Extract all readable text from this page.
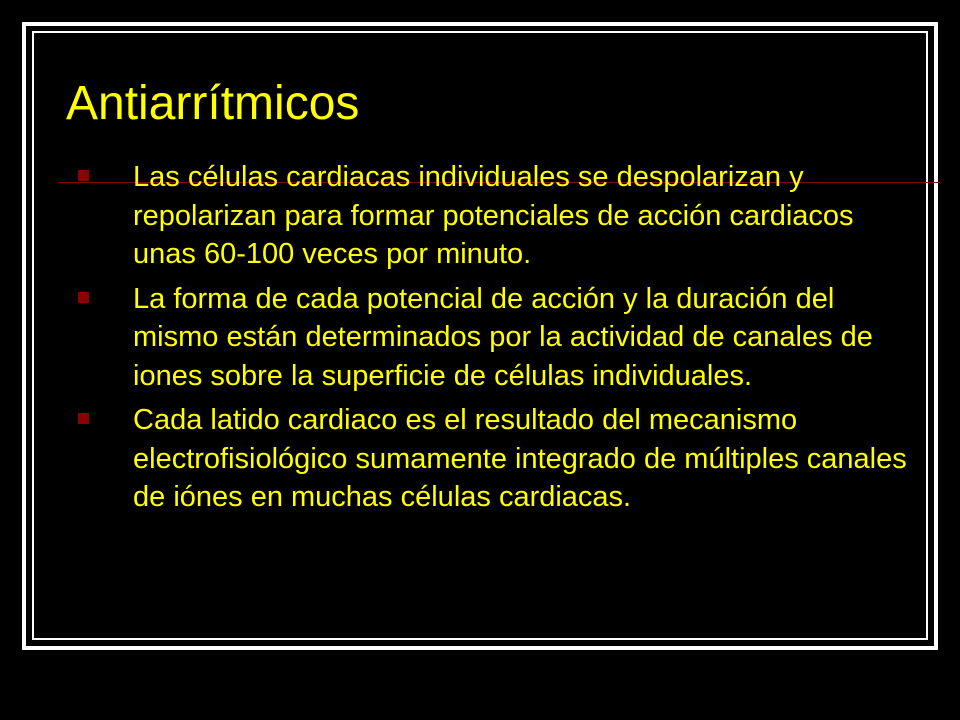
Antiarrítmicos
Las células cardiacas individuales se despolarizan y repolarizan para formar potenciales de acción cardiacos unas 60-100 veces por minuto.
La forma de cada potencial de acción y la duración del mismo están determinados por la actividad de canales de iones sobre la superficie de células individuales.
Cada latido cardiaco es el resultado del mecanismo electrofisiológico sumamente integrado de múltiples canales de iónes en muchas células cardiacas.
